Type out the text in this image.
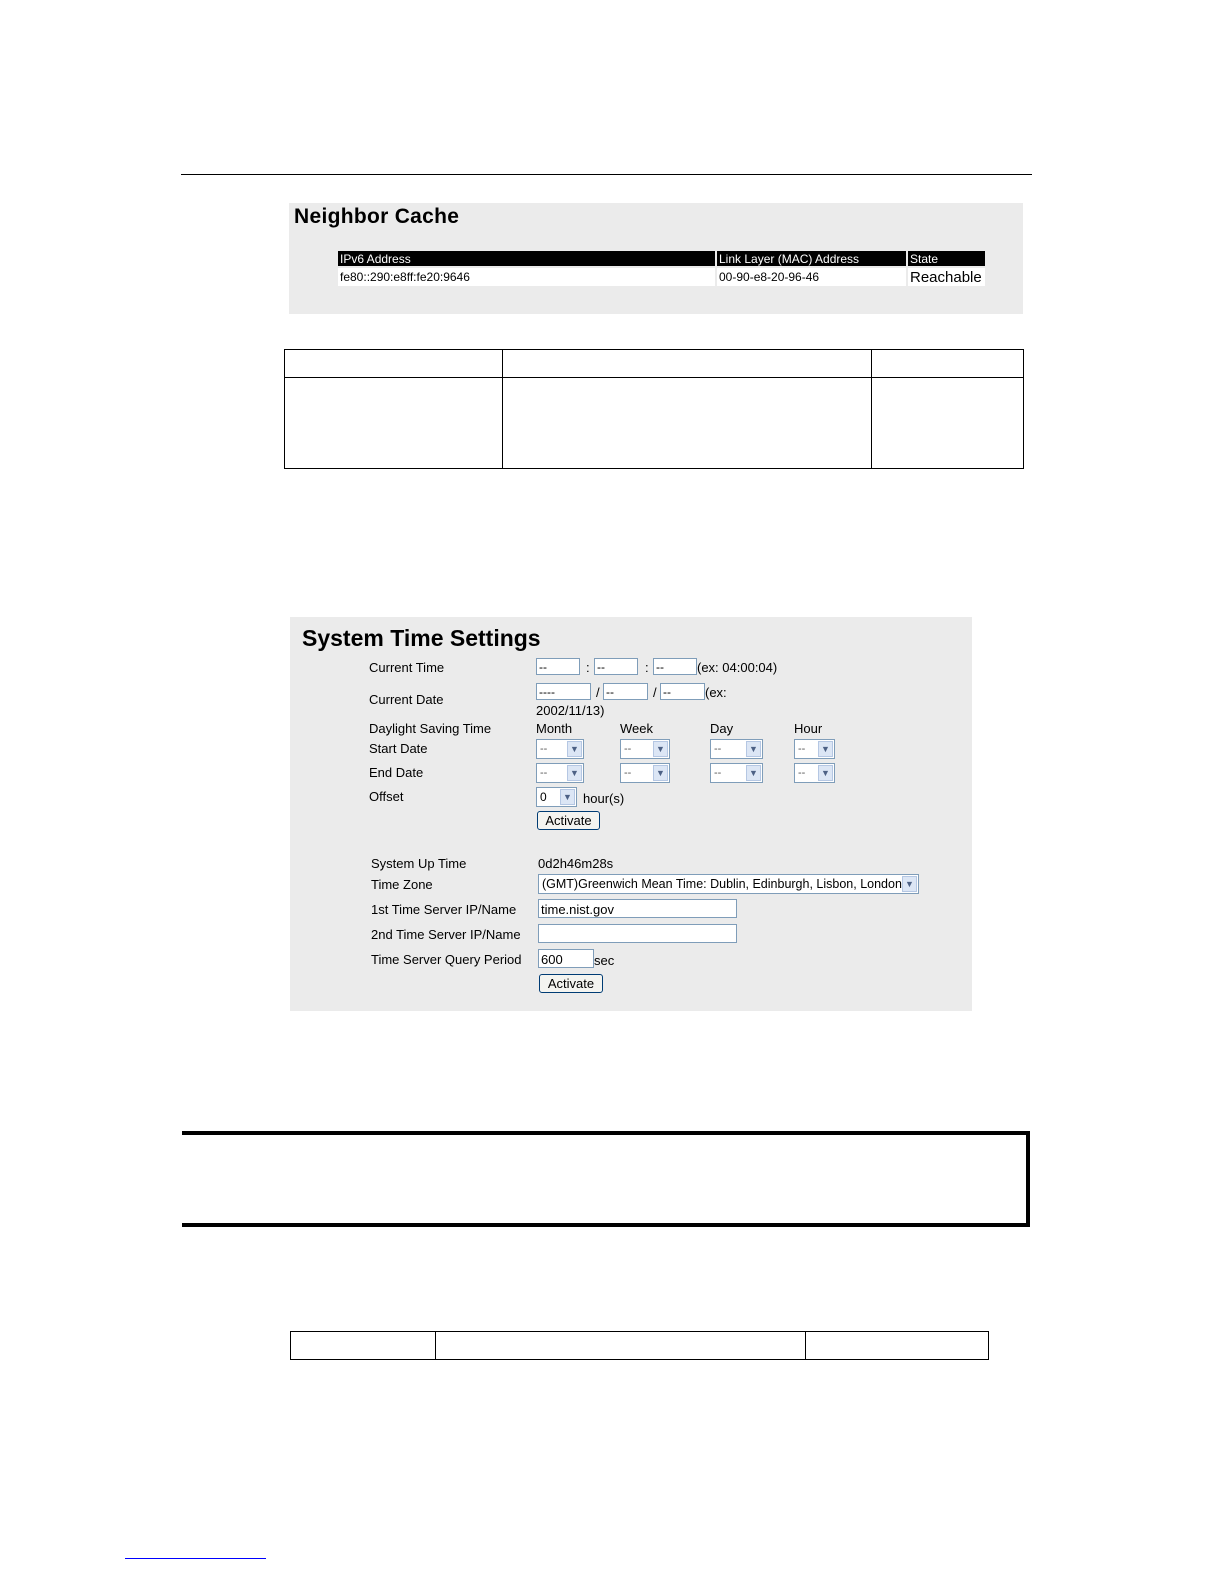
Neighbor Cache
IPv6 Address	Link Layer (MAC) Address	State
fe80::290:e8ff:fe20:9646	00-90-e8-20-96-46	Reachable

System Time Settings
Current Time	--	: --	: --	(ex: 04:00:04)
Current Date	----	/ --	/ --	(ex:
2002/11/13)
Daylight Saving Time	Month	Week	Day	Hour
Start Date	--	▼	--	▼	--	▼	--	▼
End Date	--	▼	--	▼	--	▼	--	▼
Offset	0	▼ hour(s)
Activate
System Up Time	0d2h46m28s
Time Zone	(GMT)Greenwich Mean Time: Dublin, Edinburgh, Lisbon, London ▼
1st Time Server IP/Name time.nist.gov
2nd Time Server IP/Name
Time Server Query Period 600	sec
Activate
